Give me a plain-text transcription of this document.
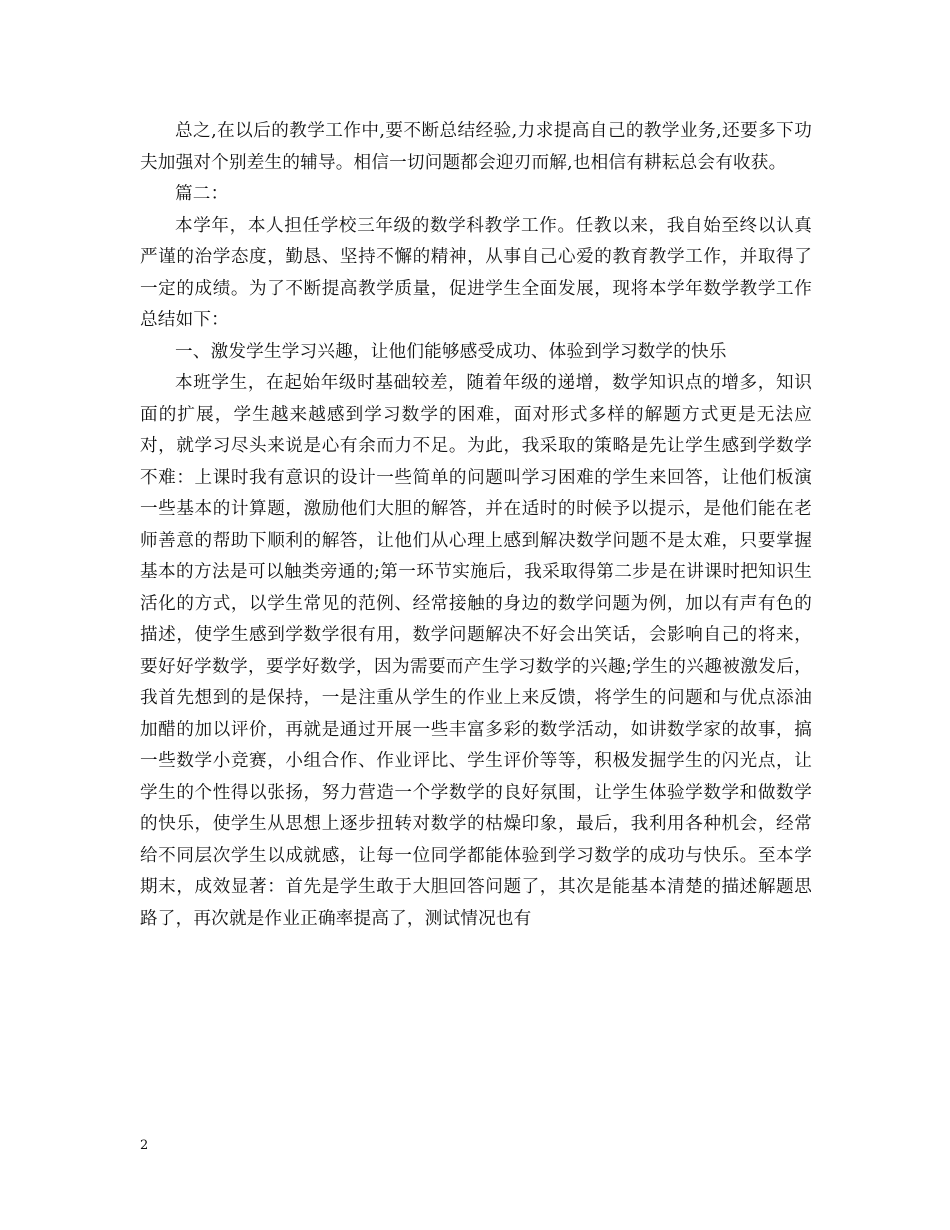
总之,在以后的教学工作中,要不断总结经验,力求提高自己的教学业务,还要多下功夫加强对个别差生的辅导。相信一切问题都会迎刃而解,也相信有耕耘总会有收获。

篇二：

本学年，本人担任学校三年级的数学科教学工作。任教以来，我自始至终以认真严谨的治学态度，勤恳、坚持不懈的精神，从事自己心爱的教育教学工作，并取得了一定的成绩。为了不断提高教学质量，促进学生全面发展，现将本学年数学教学工作总结如下：

一、激发学生学习兴趣，让他们能够感受成功、体验到学习数学的快乐

本班学生，在起始年级时基础较差，随着年级的递增，数学知识点的增多，知识面的扩展，学生越来越感到学习数学的困难，面对形式多样的解题方式更是无法应对，就学习尽头来说是心有余而力不足。为此，我采取的策略是先让学生感到学数学不难：上课时我有意识的设计一些简单的问题叫学习困难的学生来回答，让他们板演一些基本的计算题，激励他们大胆的解答，并在适时的时候予以提示，是他们能在老师善意的帮助下顺利的解答，让他们从心理上感到解决数学问题不是太难，只要掌握基本的方法是可以触类旁通的;第一环节实施后，我采取得第二步是在讲课时把知识生活化的方式，以学生常见的范例、经常接触的身边的数学问题为例，加以有声有色的描述，使学生感到学数学很有用，数学问题解决不好会出笑话，会影响自己的将来，要好好学数学，要学好数学，因为需要而产生学习数学的兴趣;学生的兴趣被激发后，我首先想到的是保持，一是注重从学生的作业上来反馈，将学生的问题和与优点添油加醋的加以评价，再就是通过开展一些丰富多彩的数学活动，如讲数学家的故事，搞一些数学小竞赛，小组合作、作业评比、学生评价等等，积极发掘学生的闪光点，让学生的个性得以张扬，努力营造一个学数学的良好氛围，让学生体验学数学和做数学的快乐，使学生从思想上逐步扭转对数学的枯燥印象，最后，我利用各种机会，经常给不同层次学生以成就感，让每一位同学都能体验到学习数学的成功与快乐。至本学期末，成效显著：首先是学生敢于大胆回答问题了，其次是能基本清楚的描述解题思路了，再次就是作业正确率提高了，测试情况也有

2
